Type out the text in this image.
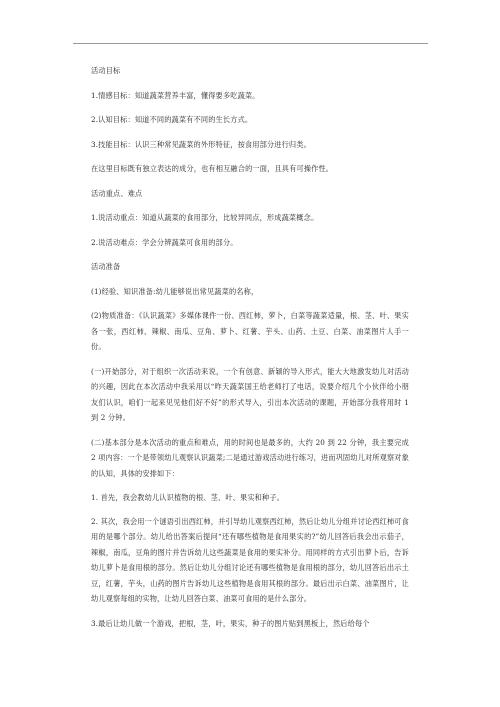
活动目标

1.情感目标：知道蔬菜营养丰富，懂得要多吃蔬菜。

2.认知目标：知道不同的蔬菜有不同的生长方式。

3.技能目标：认识三种常见蔬菜的外形特征，按食用部分进行归类。

在这里目标既有独立表达的成分，也有相互融合的一面，且具有可操作性。

活动重点、难点

1.说活动重点：知道从蔬菜的食用部分，比较异同点，形成蔬菜概念。

2.说活动难点：学会分辨蔬菜可食用的部分。

活动准备

(1)经验、知识准备:幼儿能够说出常见蔬菜的名称，

(2)物质准备：《认识蔬菜》多媒体课件一份、西红柿，萝卜，白菜等蔬菜适量，根、茎、叶、果实各一张，西红柿、辣椒、南瓜、豆角、萝卜、红薯、芋头、山药、土豆、白菜、油菜图片人手一份。

(一)开始部分，对于组织一次活动来说，一个有创意、新颖的导入形式，能大大地激发幼儿对活动的兴趣，因此在本次活动中我采用以“昨天蔬菜国王给老师打了电话，说要介绍几个小伙伴给小朋友们认识，咱们一起来见见他们好不好”的形式导入，引出本次活动的课题，开始部分我将用时 1 到 2 分钟。

(二)基本部分是本次活动的重点和难点，用的时间也是最多的，大约 20 到 22 分钟，我主要完成 2 项内容：一个是带领幼儿观察认识蔬菜;二是通过游戏活动进行练习，进而巩固幼儿对所观察对象的认知，具体的安排如下：

1. 首先，我会教幼儿认识植物的根、茎、叶、果实和种子。

2. 其次，我会用一个谜语引出西红柿，并引导幼儿观察西红柿，然后让幼儿分组并讨论西红柿可食用的是哪个部分。幼儿给出答案后提问“还有哪些植物是食用果实的?”幼儿回答后我会出示茄子，辣椒，南瓜，豆角的图片并告诉幼儿这些蔬菜是食用的果实补分。用同样的方式引出萝卜后，告诉幼儿萝卜是食用根的部分。然后让幼儿分组讨论还有哪些植物是食用根的部分，幼儿回答后出示土豆，红薯，芋头，山药的图片告诉幼儿这些植物是食用其根的部分。最后出示白菜、油菜图片，让幼儿观察每组的实物，让幼儿回答白菜、油菜可食用的是什么部分。

3.最后让幼儿做一个游戏，把根，茎，叶，果实，种子的图片贴到黑板上，然后给每个
